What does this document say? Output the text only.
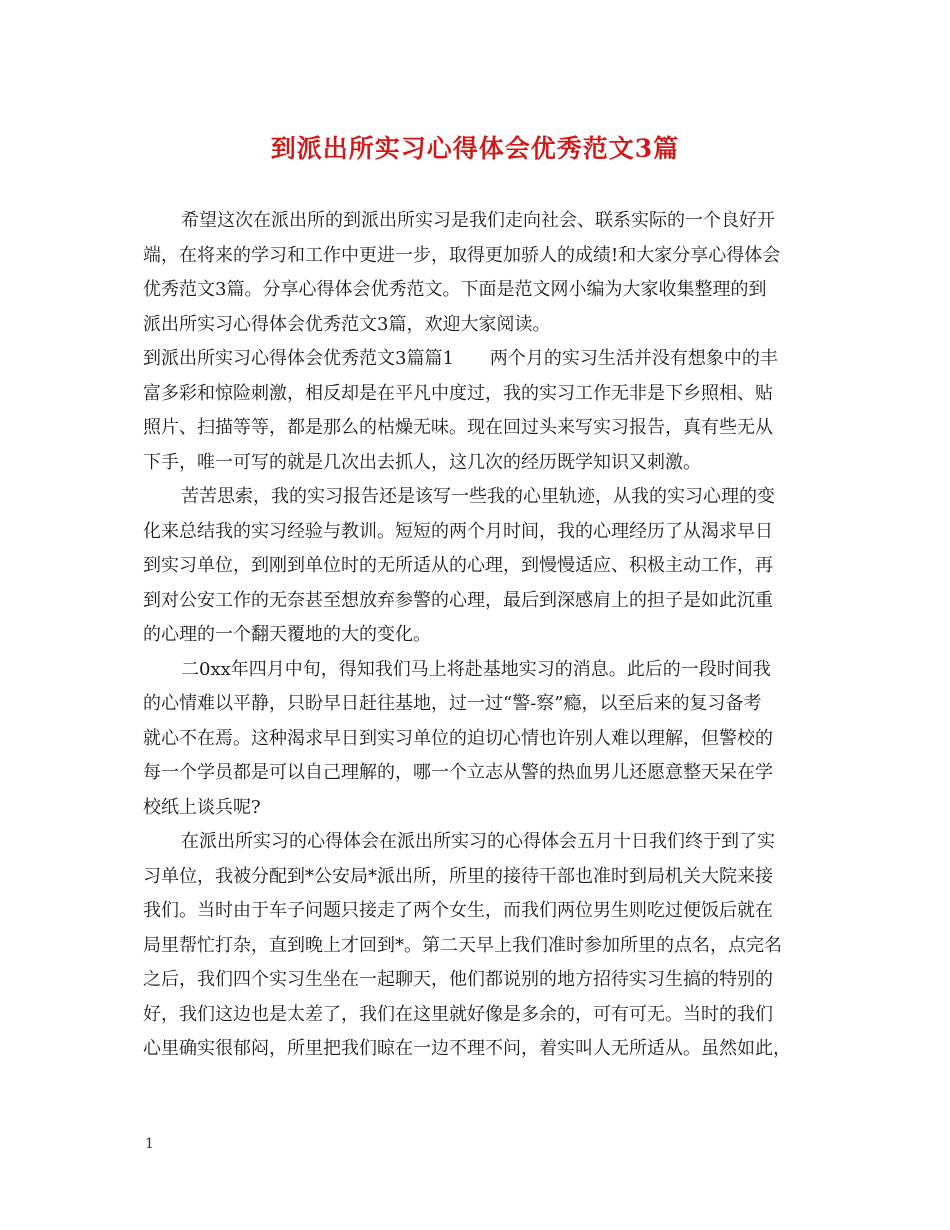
到派出所实习心得体会优秀范文3篇
希望这次在派出所的到派出所实习是我们走向社会、联系实际的一个良好开
端，在将来的学习和工作中更进一步，取得更加骄人的成绩!和大家分享心得体会
优秀范文3篇。分享心得体会优秀范文。下面是范文网小编为大家收集整理的到
派出所实习心得体会优秀范文3篇，欢迎大家阅读。
到派出所实习心得体会优秀范文3篇篇1　　两个月的实习生活并没有想象中的丰
富多彩和惊险刺激，相反却是在平凡中度过，我的实习工作无非是下乡照相、贴
照片、扫描等等，都是那么的枯燥无味。现在回过头来写实习报告，真有些无从
下手，唯一可写的就是几次出去抓人，这几次的经历既学知识又刺激。
苦苦思索，我的实习报告还是该写一些我的心里轨迹，从我的实习心理的变
化来总结我的实习经验与教训。短短的两个月时间，我的心理经历了从渴求早日
到实习单位，到刚到单位时的无所适从的心理，到慢慢适应、积极主动工作，再
到对公安工作的无奈甚至想放弃参警的心理，最后到深感肩上的担子是如此沉重
的心理的一个翻天覆地的大的变化。
二0xx年四月中旬，得知我们马上将赴基地实习的消息。此后的一段时间我
的心情难以平静，只盼早日赶往基地，过一过“警-察”瘾，以至后来的复习备考
就心不在焉。这种渴求早日到实习单位的迫切心情也许别人难以理解，但警校的
每一个学员都是可以自己理解的，哪一个立志从警的热血男儿还愿意整天呆在学
校纸上谈兵呢?
在派出所实习的心得体会在派出所实习的心得体会五月十日我们终于到了实
习单位，我被分配到*公安局*派出所，所里的接待干部也准时到局机关大院来接
我们。当时由于车子问题只接走了两个女生，而我们两位男生则吃过便饭后就在
局里帮忙打杂，直到晚上才回到*。第二天早上我们准时参加所里的点名，点完名
之后，我们四个实习生坐在一起聊天，他们都说别的地方招待实习生搞的特别的
好，我们这边也是太差了，我们在这里就好像是多余的，可有可无。当时的我们
心里确实很郁闷，所里把我们晾在一边不理不问，着实叫人无所适从。虽然如此，
1
